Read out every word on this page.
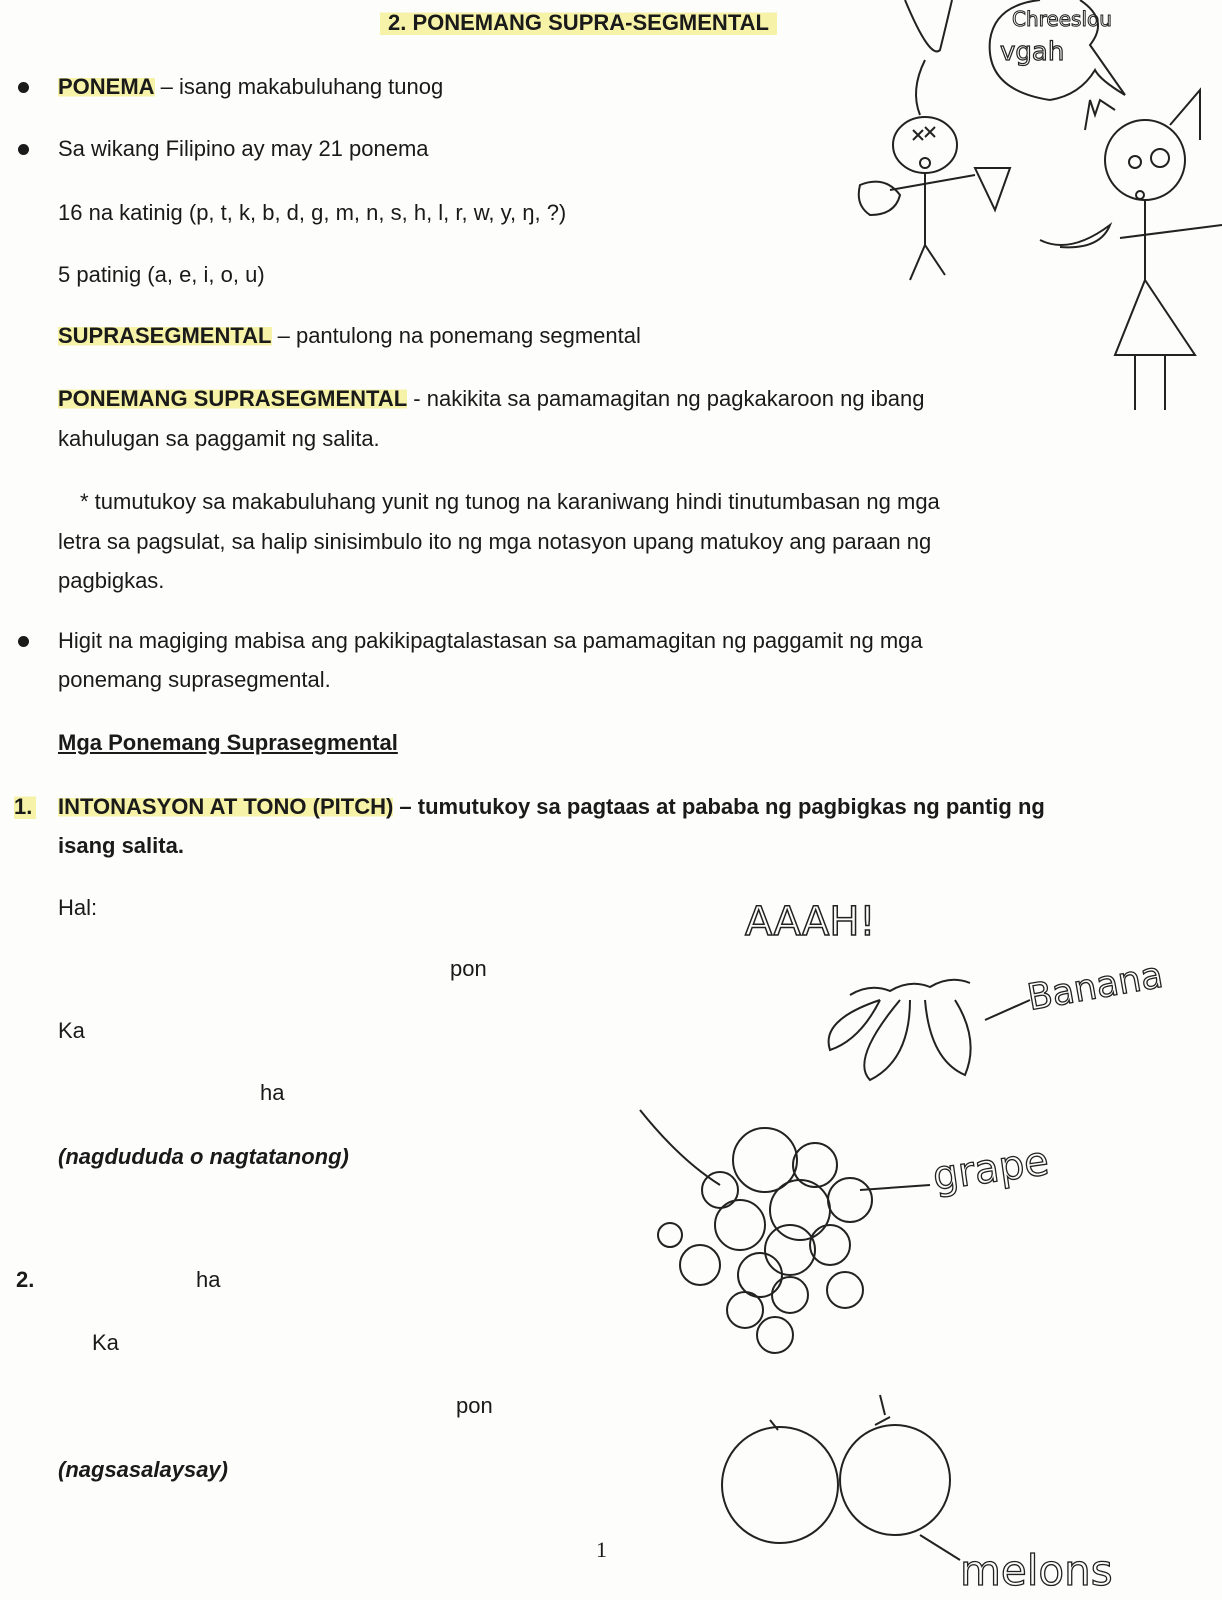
2. PONEMANG SUPRA-SEGMENTAL
PONEMA – isang makabuluhang tunog
Sa wikang Filipino ay may 21 ponema
16 na katinig (p, t, k, b, d, g, m, n, s, h, l, r, w, y, ŋ, ?)
5 patinig (a, e, i, o, u)
SUPRASEGMENTAL – pantulong na ponemang segmental
PONEMANG SUPRASEGMENTAL - nakikita sa pamamagitan ng pagkakaroon ng ibang
kahulugan sa paggamit ng salita.
* tumutukoy sa makabuluhang yunit ng tunog na karaniwang hindi tinutumbasan ng mga
letra sa pagsulat, sa halip sinisimbulo ito ng mga notasyon upang matukoy ang paraan ng
pagbigkas.
Higit na magiging mabisa ang pakikipagtalastasan sa pamamagitan ng paggamit ng mga
ponemang suprasegmental.
Mga Ponemang Suprasegmental
1. INTONASYON AT TONO (PITCH) – tumutukoy sa pagtaas at pababa ng pagbigkas ng pantig ng
isang salita.
Hal:
pon
Ka
ha
(nagdududa o nagtatanong)
2.	ha
Ka
pon
(nagsasalaysay)
1
Chreeslou
vgah
AAAH!
Banana
grape
melons
